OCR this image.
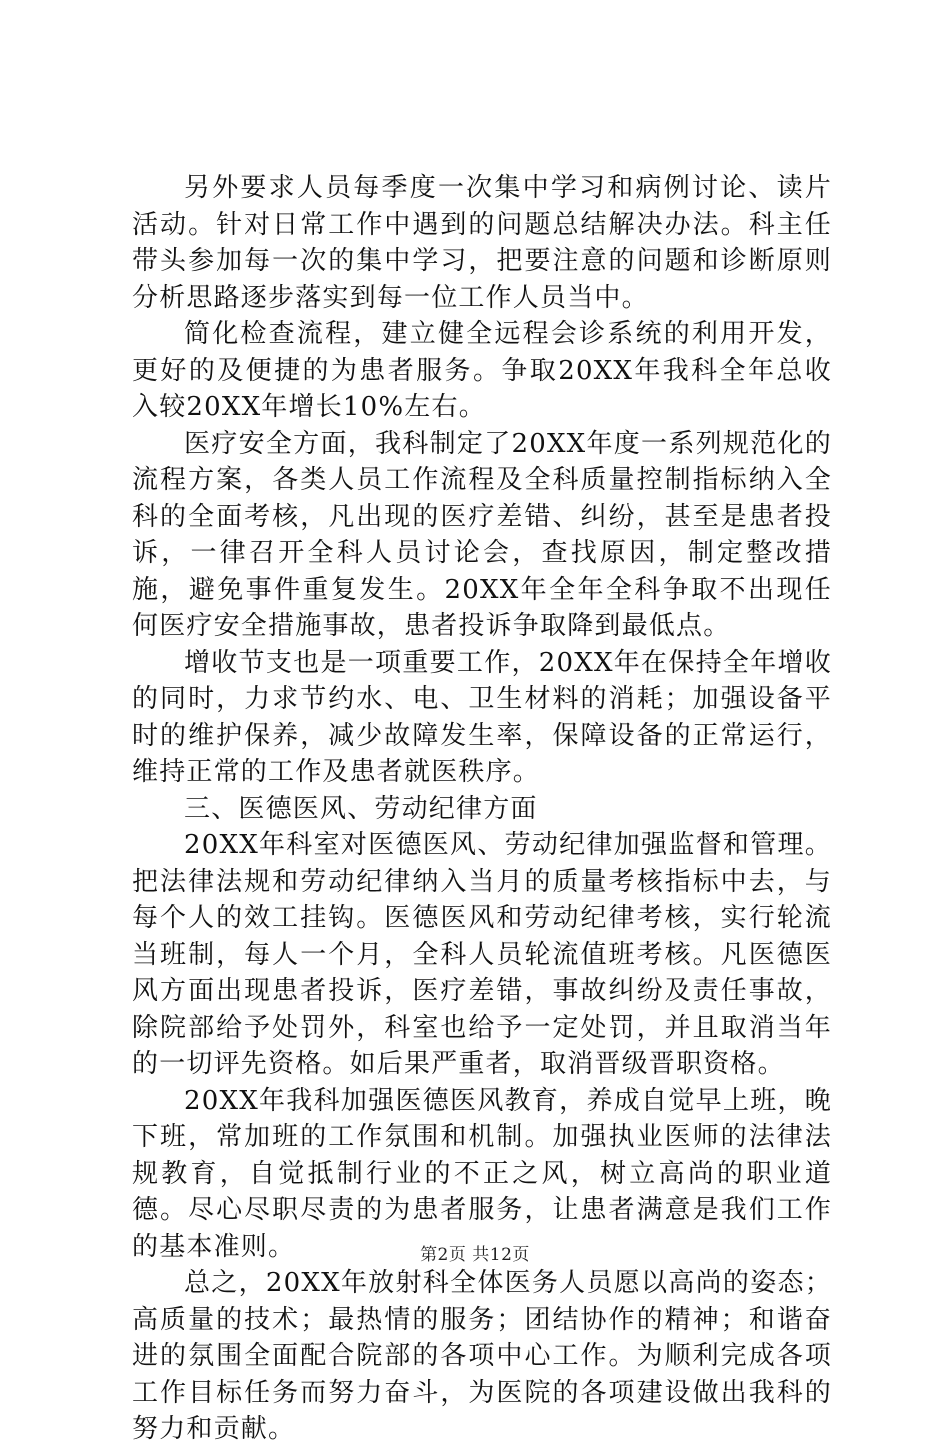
另外要求人员每季度一次集中学习和病例讨论、读片活动。针对日常工作中遇到的问题总结解决办法。科主任带头参加每一次的集中学习，把要注意的问题和诊断原则分析思路逐步落实到每一位工作人员当中。

简化检查流程，建立健全远程会诊系统的利用开发，更好的及便捷的为患者服务。争取20XX年我科全年总收入较20XX年增长10%左右。

医疗安全方面，我科制定了20XX年度一系列规范化的流程方案，各类人员工作流程及全科质量控制指标纳入全科的全面考核，凡出现的医疗差错、纠纷，甚至是患者投诉，一律召开全科人员讨论会，查找原因，制定整改措施，避免事件重复发生。20XX年全年全科争取不出现任何医疗安全措施事故，患者投诉争取降到最低点。

增收节支也是一项重要工作，20XX年在保持全年增收的同时，力求节约水、电、卫生材料的消耗；加强设备平时的维护保养，减少故障发生率，保障设备的正常运行，维持正常的工作及患者就医秩序。

三、医德医风、劳动纪律方面

20XX年科室对医德医风、劳动纪律加强监督和管理。把法律法规和劳动纪律纳入当月的质量考核指标中去，与每个人的效工挂钩。医德医风和劳动纪律考核，实行轮流当班制，每人一个月，全科人员轮流值班考核。凡医德医风方面出现患者投诉，医疗差错，事故纠纷及责任事故，除院部给予处罚外，科室也给予一定处罚，并且取消当年的一切评先资格。如后果严重者，取消晋级晋职资格。

20XX年我科加强医德医风教育，养成自觉早上班，晚下班，常加班的工作氛围和机制。加强执业医师的法律法规教育，自觉抵制行业的不正之风，树立高尚的职业道德。尽心尽职尽责的为患者服务，让患者满意是我们工作的基本准则。

总之，20XX年放射科全体医务人员愿以高尚的姿态；高质量的技术；最热情的服务；团结协作的精神；和谐奋进的氛围全面配合院部的各项中心工作。为顺利完成各项工作目标任务而努力奋斗，为医院的各项建设做出我科的努力和贡献。

第2页 共12页
